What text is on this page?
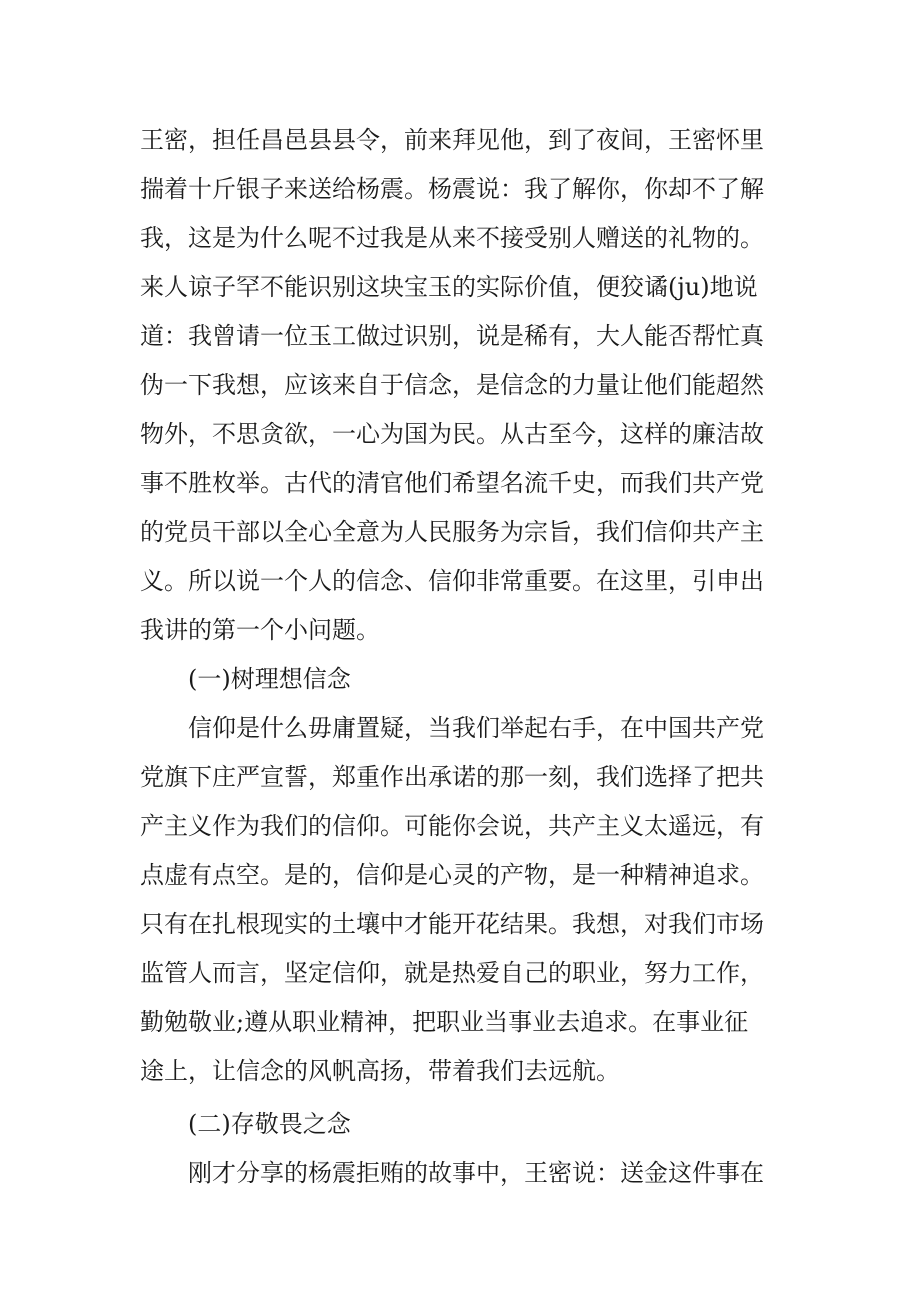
王密，担任昌邑县县令，前来拜见他，到了夜间，王密怀里
揣着十斤银子来送给杨震。杨震说：我了解你，你却不了解
我，这是为什么呢不过我是从来不接受别人赠送的礼物的。
来人谅子罕不能识别这块宝玉的实际价值，便狡谲(ju)地说
道：我曾请一位玉工做过识别，说是稀有，大人能否帮忙真
伪一下我想，应该来自于信念，是信念的力量让他们能超然
物外，不思贪欲，一心为国为民。从古至今，这样的廉洁故
事不胜枚举。古代的清官他们希望名流千史，而我们共产党
的党员干部以全心全意为人民服务为宗旨，我们信仰共产主
义。所以说一个人的信念、信仰非常重要。在这里，引申出
我讲的第一个小问题。
(一)树理想信念
信仰是什么毋庸置疑，当我们举起右手，在中国共产党
党旗下庄严宣誓，郑重作出承诺的那一刻，我们选择了把共
产主义作为我们的信仰。可能你会说，共产主义太遥远，有
点虚有点空。是的，信仰是心灵的产物，是一种精神追求。
只有在扎根现实的土壤中才能开花结果。我想，对我们市场
监管人而言，坚定信仰，就是热爱自己的职业，努力工作，
勤勉敬业;遵从职业精神，把职业当事业去追求。在事业征
途上，让信念的风帆高扬，带着我们去远航。
(二)存敬畏之念
刚才分享的杨震拒贿的故事中，王密说：送金这件事在
